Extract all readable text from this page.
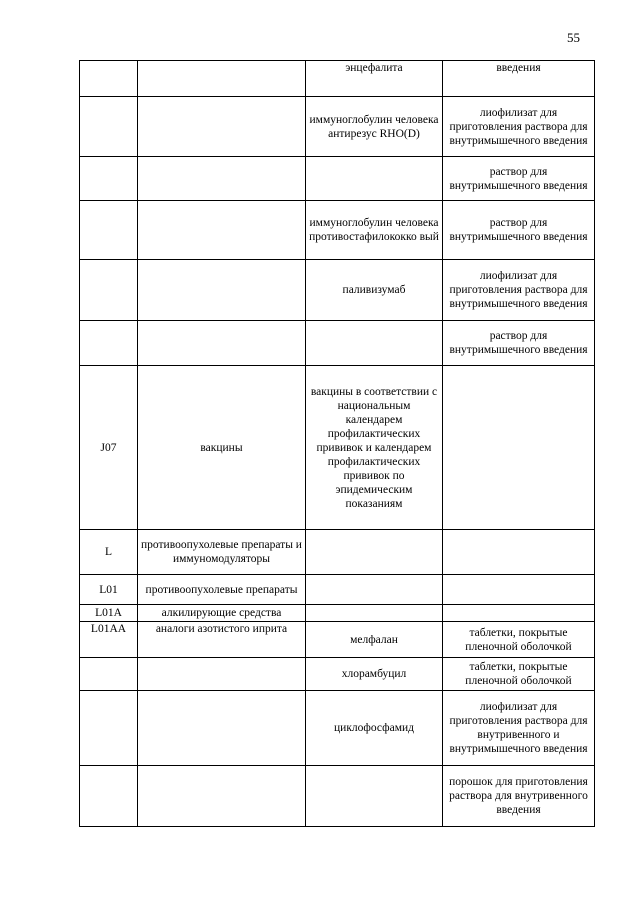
55
		энцефалита	введения
		иммуноглобулин человека антирезус RHO(D)	лиофилизат для приготовления раствора для внутримышечного введения
			раствор для внутримышечного введения
		иммуноглобулин человека противостафилококко вый	раствор для внутримышечного введения
		паливизумаб	лиофилизат для приготовления раствора для внутримышечного введения
			раствор для внутримышечного введения
J07	вакцины	вакцины в соответствии с национальным календарем профилактических прививок и календарем профилактических прививок по эпидемическим показаниям	
L	противоопухолевые препараты и иммуномодуляторы		
L01	противоопухолевые препараты		
L01A	алкилирующие средства		
L01AA	аналоги азотистого иприта	мелфалан	таблетки, покрытые пленочной оболочкой
		хлорамбуцил	таблетки, покрытые пленочной оболочкой
		циклофосфамид	лиофилизат для приготовления раствора для внутривенного и внутримышечного введения
			порошок для приготовления раствора для внутривенного введения
